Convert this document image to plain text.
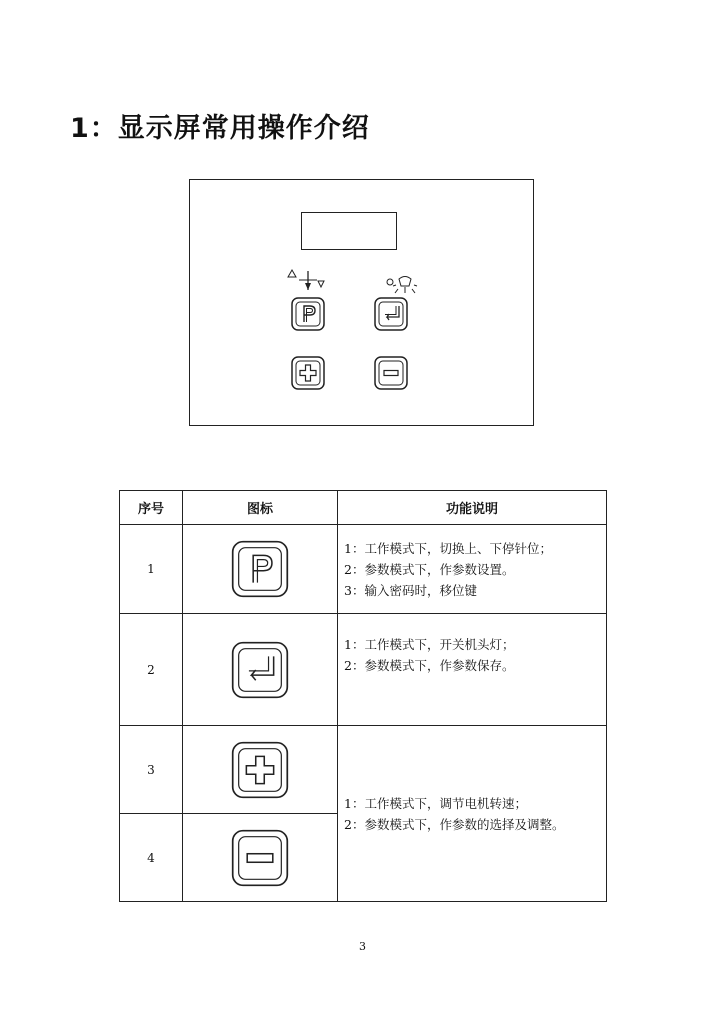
1：显示屏常用操作介绍
序号	图标	功能说明
1		1：工作模式下，切换上、下停针位；
2：参数模式下，作参数设置。
3：输入密码时，移位键

2		1：工作模式下，开关机头灯；
2：参数模式下，作参数保存。

3		1：工作模式下，调节电机转速；
2：参数模式下，作参数的选择及调整。

4	
3
